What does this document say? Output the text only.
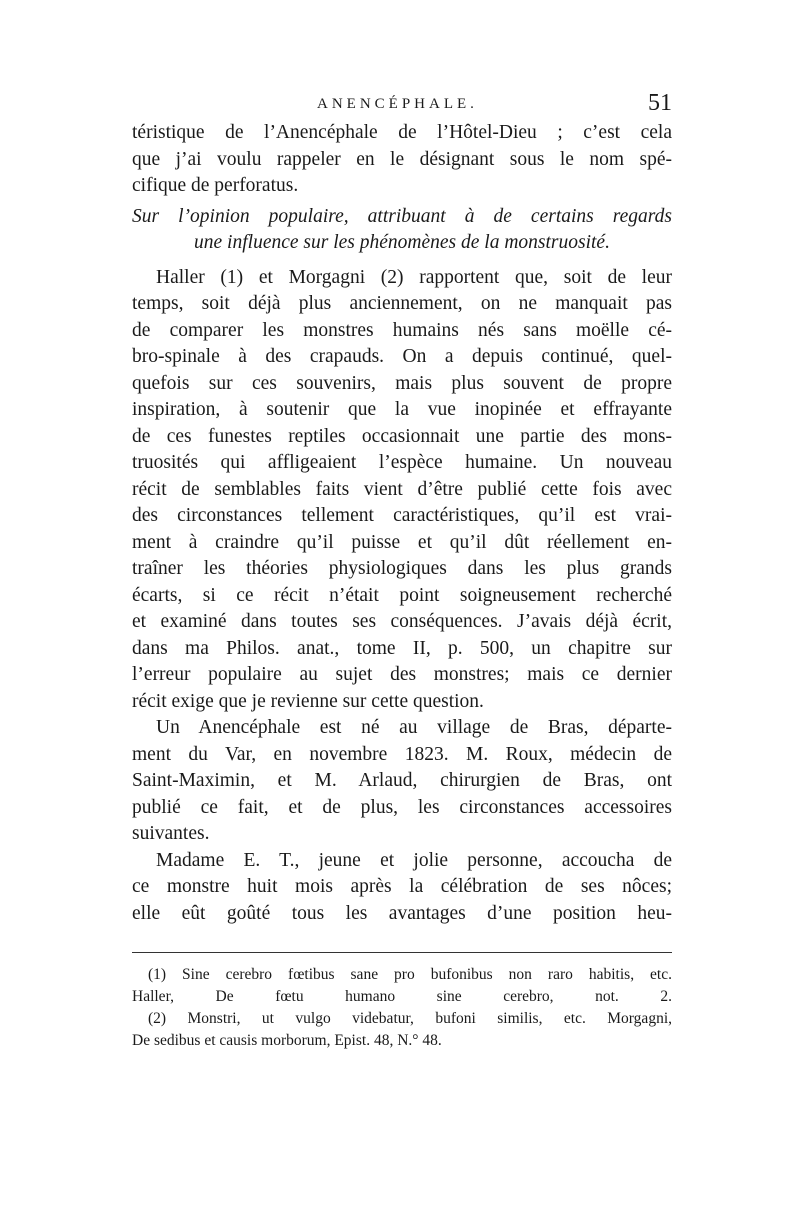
ANENCÉPHALE.	51
téristique de l’Anencéphale de l’Hôtel-Dieu ; c’est cela
que j’ai voulu rappeler en le désignant sous le nom spé-
cifique de perforatus.
Sur l’opinion populaire, attribuant à de certains regards
une influence sur les phénomènes de la monstruosité.
Haller (1) et Morgagni (2) rapportent que, soit de leur
temps, soit déjà plus anciennement, on ne manquait pas
de comparer les monstres humains nés sans moëlle cé-
bro-spinale à des crapauds. On a depuis continué, quel-
quefois sur ces souvenirs, mais plus souvent de propre
inspiration, à soutenir que la vue inopinée et effrayante
de ces funestes reptiles occasionnait une partie des mons-
truosités qui affligeaient l’espèce humaine. Un nouveau
récit de semblables faits vient d’être publié cette fois avec
des circonstances tellement caractéristiques, qu’il est vrai-
ment à craindre qu’il puisse et qu’il dût réellement en-
traîner les théories physiologiques dans les plus grands
écarts, si ce récit n’était point soigneusement recherché
et examiné dans toutes ses conséquences. J’avais déjà écrit,
dans ma Philos. anat., tome II, p. 500, un chapitre sur
l’erreur populaire au sujet des monstres; mais ce dernier
récit exige que je revienne sur cette question.
Un Anencéphale est né au village de Bras, départe-
ment du Var, en novembre 1823. M. Roux, médecin de
Saint-Maximin, et M. Arlaud, chirurgien de Bras, ont
publié ce fait, et de plus, les circonstances accessoires
suivantes.
Madame E. T., jeune et jolie personne, accoucha de
ce monstre huit mois après la célébration de ses nôces;
elle eût goûté tous les avantages d’une position heu-
(1) Sine cerebro fœtibus sane pro bufonibus non raro habitis, etc.
Haller, De fœtu humano sine cerebro, not. 2.
(2) Monstri, ut vulgo videbatur, bufoni similis, etc. Morgagni,
De sedibus et causis morborum, Epist. 48, N.° 48.
